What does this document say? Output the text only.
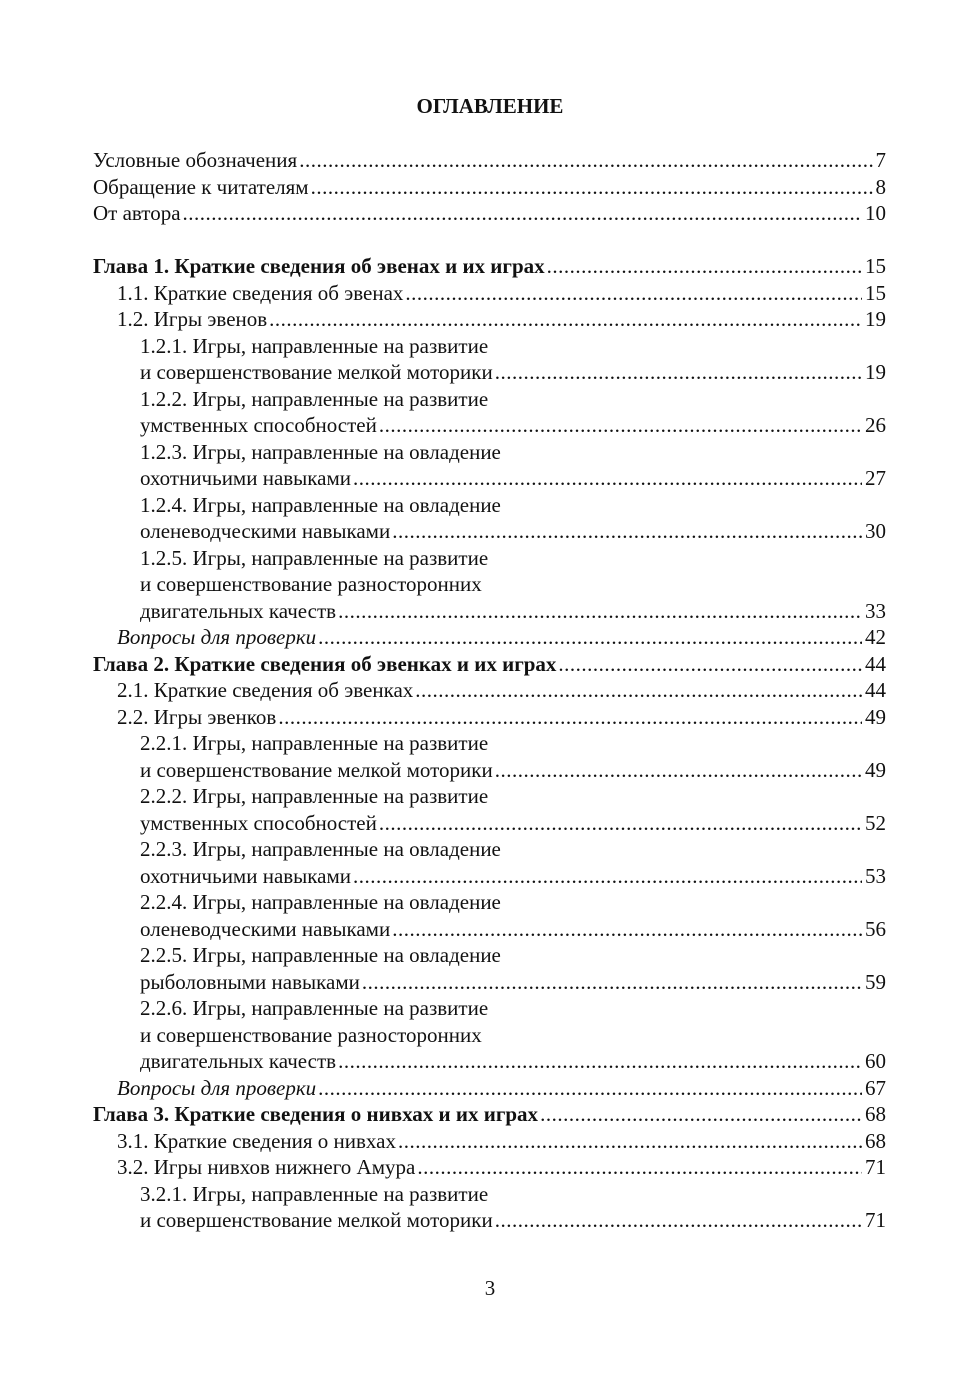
ОГЛАВЛЕНИЕ
Условные обозначения .....	7
Обращение к читателям .....	8
От автора .....	10
Глава 1. Краткие сведения об эвенах и их играх .....	15
1.1. Краткие сведения об эвенах .....	15
1.2. Игры эвенов .....	19
1.2.1. Игры, направленные на развитие
и совершенствование мелкой моторики .....	19
1.2.2. Игры, направленные на развитие
умственных способностей .....	26
1.2.3. Игры, направленные на овладение
охотничьими навыками .....	27
1.2.4. Игры, направленные на овладение
оленеводческими навыками .....	30
1.2.5. Игры, направленные на развитие
и совершенствование разносторонних
двигательных качеств .....	33
Вопросы для проверки .....	42
Глава 2. Краткие сведения об эвенках и их играх .....	44
2.1. Краткие сведения об эвенках .....	44
2.2. Игры эвенков .....	49
2.2.1. Игры, направленные на развитие
и совершенствование мелкой моторики .....	49
2.2.2. Игры, направленные на развитие
умственных способностей .....	52
2.2.3. Игры, направленные на овладение
охотничьими навыками .....	53
2.2.4. Игры, направленные на овладение
оленеводческими навыками .....	56
2.2.5. Игры, направленные на овладение
рыболовными навыками .....	59
2.2.6. Игры, направленные на развитие
и совершенствование разносторонних
двигательных качеств .....	60
Вопросы для проверки .....	67
Глава 3. Краткие сведения о нивхах и их играх .....	68
3.1. Краткие сведения о нивхах .....	68
3.2. Игры нивхов нижнего Амура .....	71
3.2.1. Игры, направленные на развитие
и совершенствование мелкой моторики .....	71
3
